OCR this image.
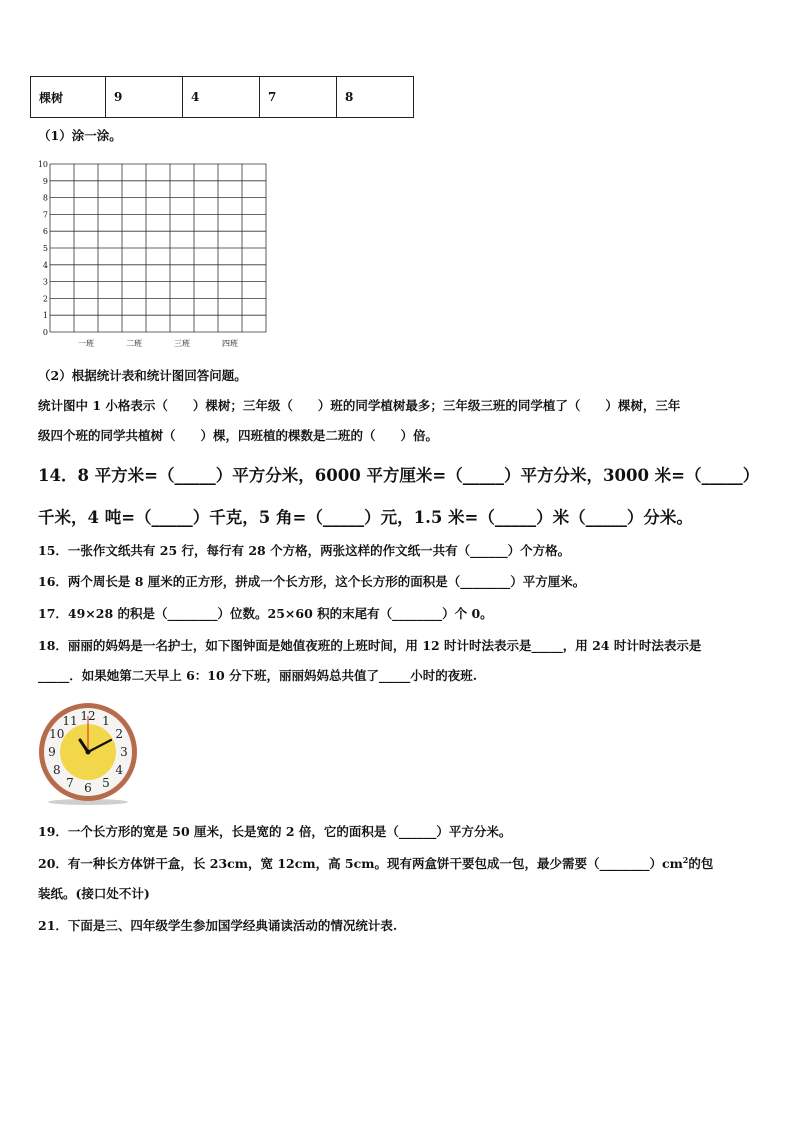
棵树	9	4	7	8
（1）涂一涂。
10
9
8
7
6
5
4
3
2
1
0
一班	二班	三班	四班
（2）根据统计表和统计图回答问题。
统计图中 1 小格表示（　　）棵树；三年级（　　）班的同学植树最多；三年级三班的同学植了（　　）棵树，三年
级四个班的同学共植树（　　）棵，四班植的棵数是二班的（　　）倍。
14．8 平方米=（_____）平方分米，6000 平方厘米=（_____）平方分米，3000 米=（_____）
千米，4 吨=（_____）千克，5 角=（_____）元，1.5 米=（_____）米（_____）分米。
15．一张作文纸共有 25 行，每行有 28 个方格，两张这样的作文纸一共有（______）个方格。
16．两个周长是 8 厘米的正方形，拼成一个长方形，这个长方形的面积是（________）平方厘米。
17．49×28 的积是（________）位数。25×60 积的末尾有（________）个 0。
18．丽丽的妈妈是一名护士，如下图钟面是她值夜班的上班时间，用 12 时计时法表示是_____，用 24 时计时法表示是
_____．如果她第二天早上 6：10 分下班，丽丽妈妈总共值了_____小时的夜班.
12 1
2
3
4
5
6
7
8
9
10
11
19．一个长方形的宽是 50 厘米，长是宽的 2 倍，它的面积是（______）平方分米。
20．有一种长方体饼干盒，长 23cm，宽 12cm，高 5cm。现有两盒饼干要包成一包，最少需要$(\_\_\_\_\_\_\_\_)cm^2$的包
装纸。(接口处不计)
21．下面是三、四年级学生参加国学经典诵读活动的情况统计表.
